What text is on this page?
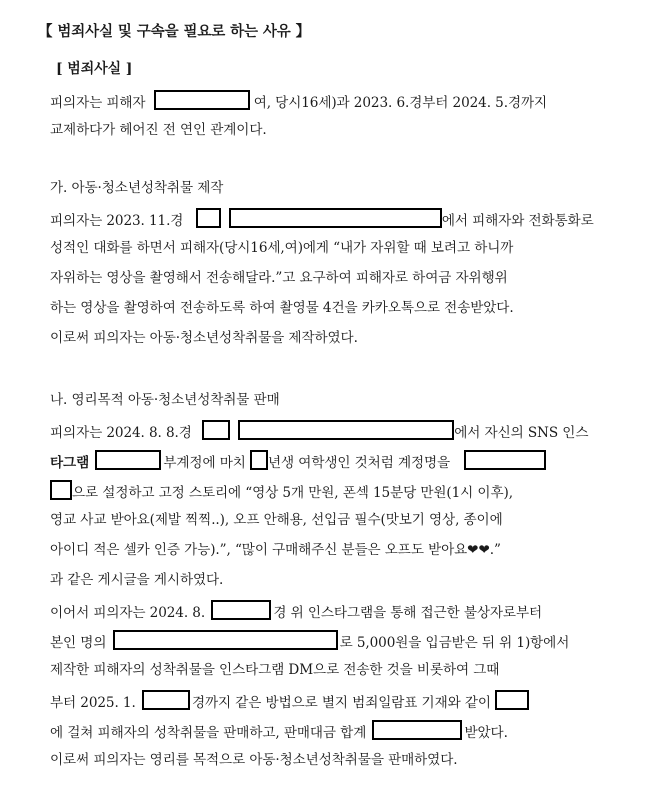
【 범죄사실 및 구속을 필요로 하는 사유 】
[ 범죄사실 ]
피의자는 피해자	여, 당시16세)과 2023. 6.경부터 2024. 5.경까지
교제하다가 헤어진 전 연인 관계이다.
가. 아동·청소년성착취물 제작
피의자는 2023. 11.경	에서 피해자와 전화통화로
성적인 대화를 하면서 피해자(당시16세,여)에게 “내가 자위할 때 보려고 하니까
자위하는 영상을 촬영해서 전송해달라.”고 요구하여 피해자로 하여금 자위행위
하는 영상을 촬영하여 전송하도록 하여 촬영물 4건을 카카오톡으로 전송받았다.
이로써 피의자는 아동·청소년성착취물을 제작하였다.
나. 영리목적 아동·청소년성착취물 판매
피의자는 2024. 8. 8.경	에서 자신의 SNS 인스
타그램	부계정에 마치 년생 여학생인 것처럼 계정명을
으로 설정하고 고정 스토리에 “영상 5개 만원, 폰섹 15분당 만원(1시 이후),
영교 사교 받아요(제발 찍찍..), 오프 안해용, 선입금 필수(맛보기 영상, 종이에
아이디 적은 셀카 인증 가능).”, “많이 구매해주신 분들은 오프도 받아요❤❤.”
과 같은 게시글을 게시하였다.
이어서 피의자는 2024. 8.	경 위 인스타그램을 통해 접근한 불상자로부터
본인 명의	로 5,000원을 입금받은 뒤 위 1)항에서
제작한 피해자의 성착취물을 인스타그램 DM으로 전송한 것을 비롯하여 그때
부터 2025. 1.	경까지 같은 방법으로 별지 범죄일람표 기재와 같이
에 걸쳐 피해자의 성착취물을 판매하고, 판매대금 합계	받았다.
이로써 피의자는 영리를 목적으로 아동·청소년성착취물을 판매하였다.
